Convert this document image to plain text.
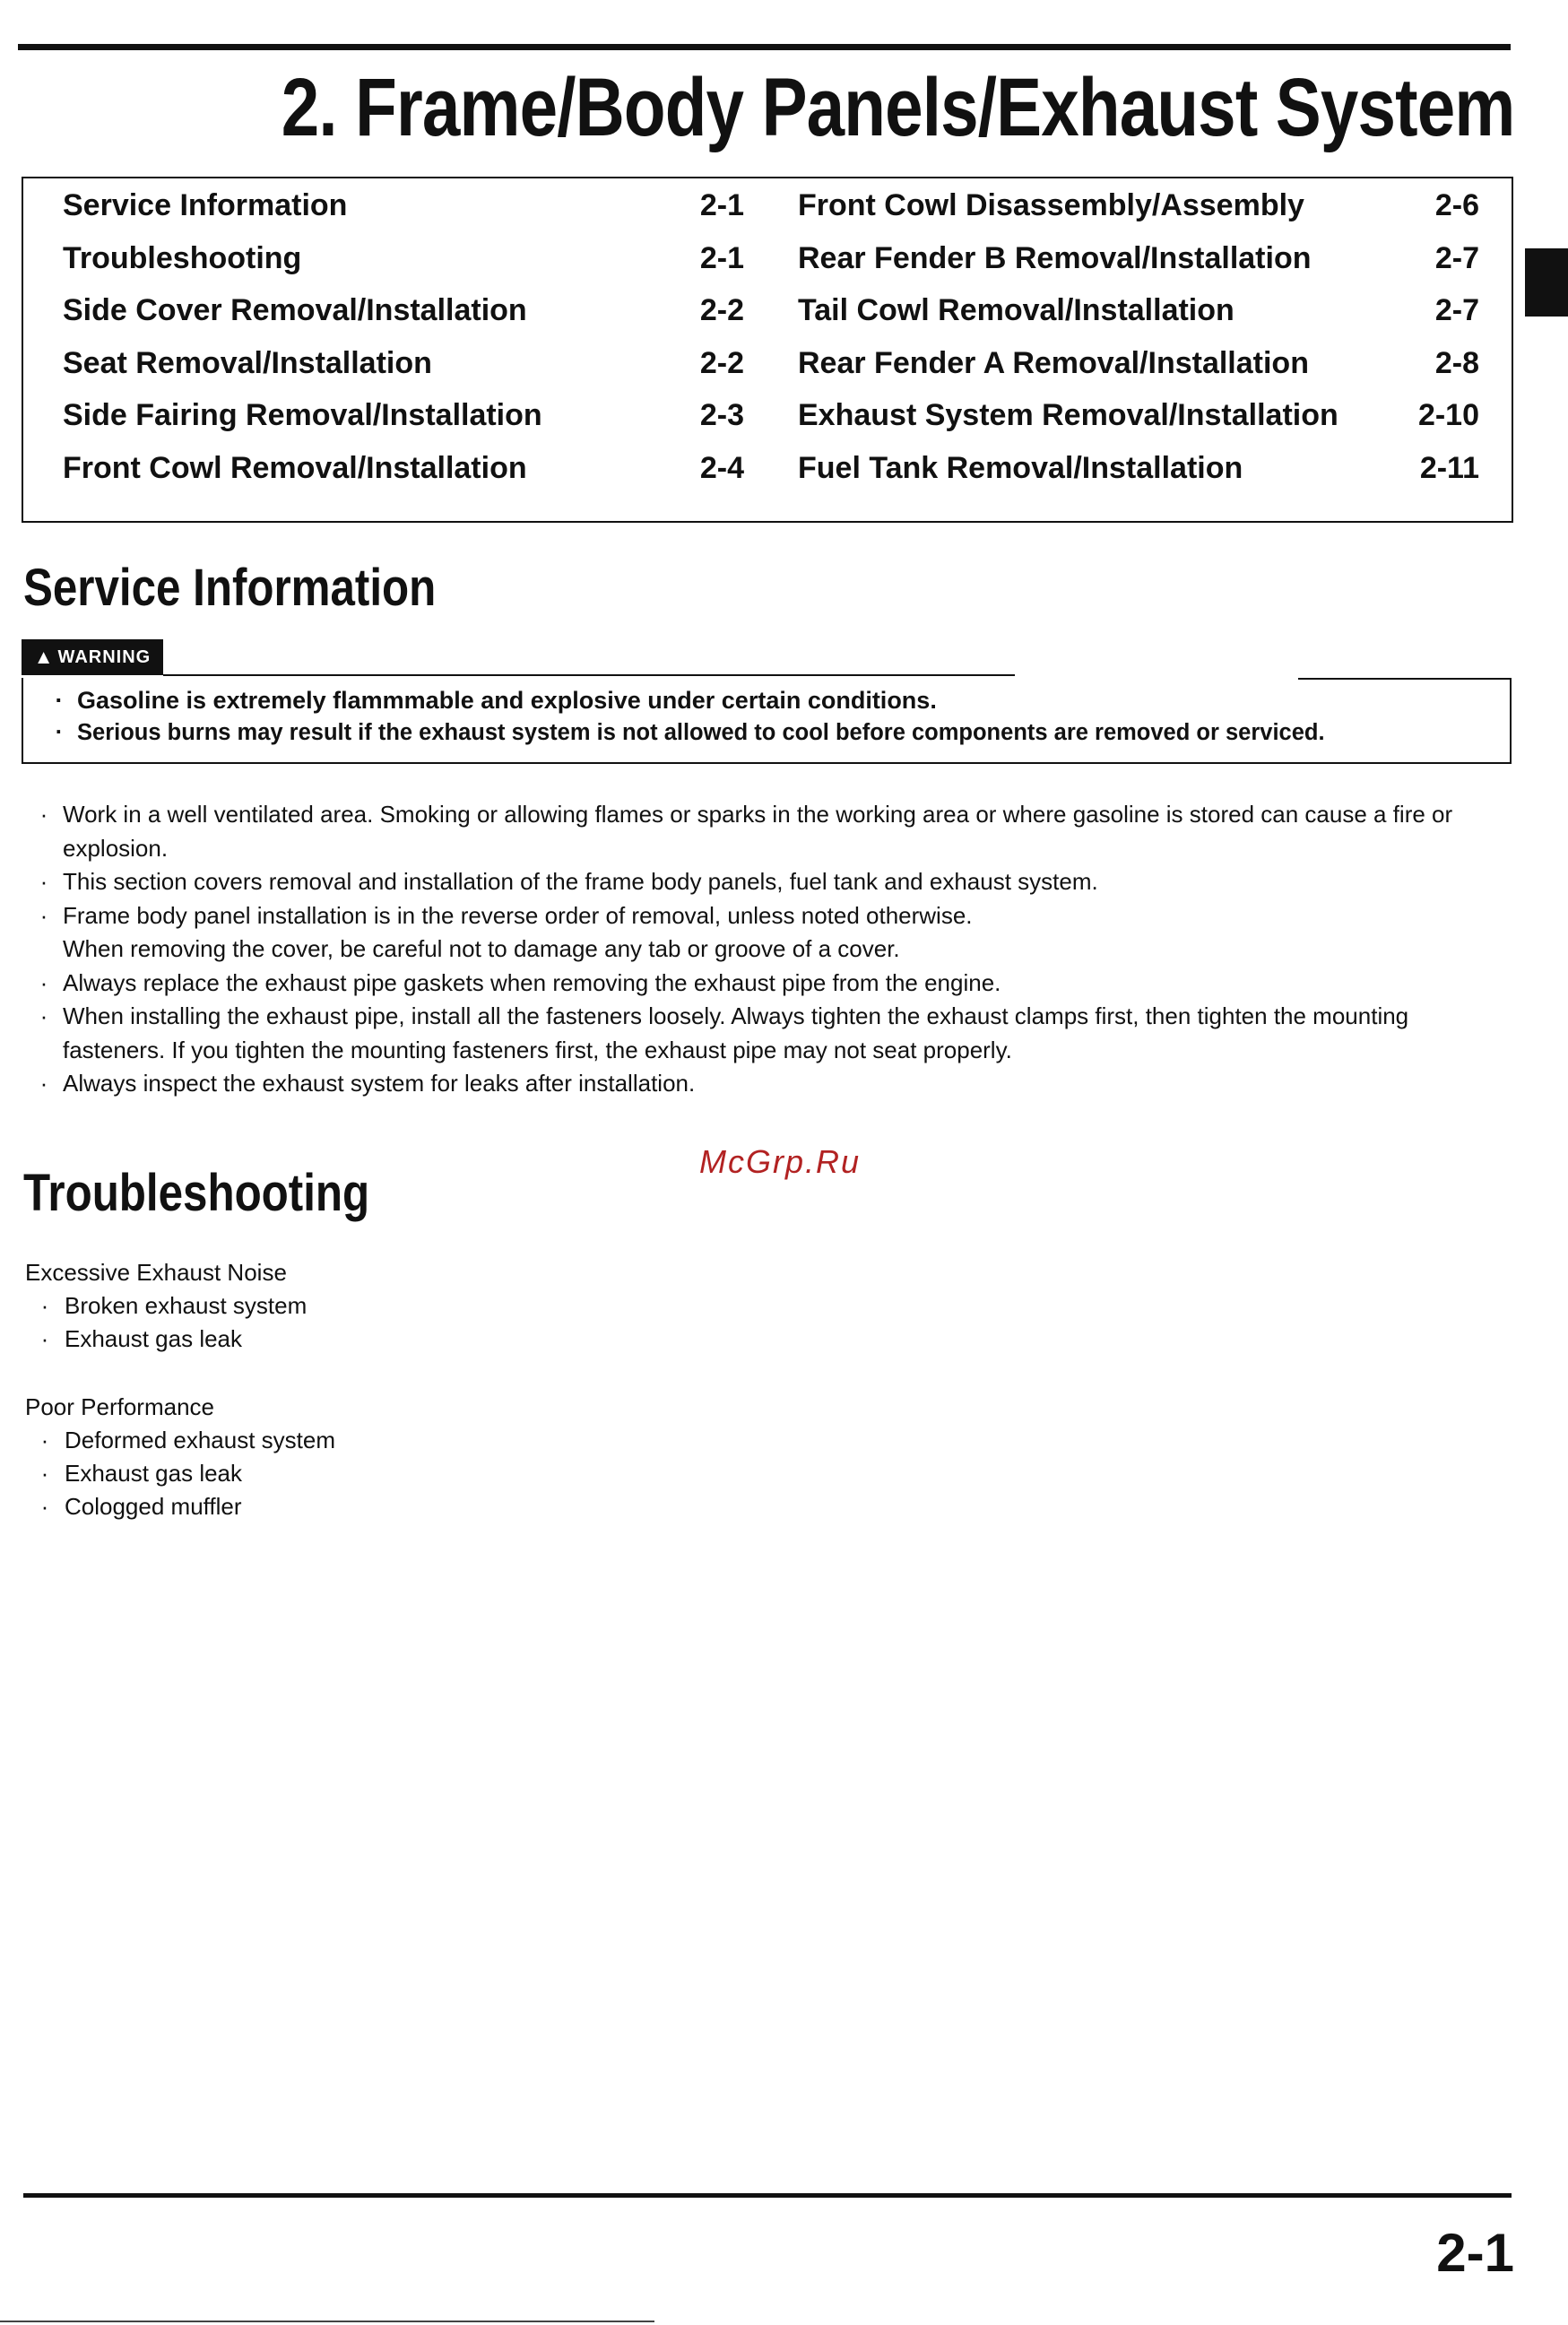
2. Frame/Body Panels/Exhaust System
Service Information	2-1
Troubleshooting	2-1
Side Cover Removal/Installation	2-2
Seat Removal/Installation	2-2
Side Fairing Removal/Installation	2-3
Front Cowl Removal/Installation	2-4
Front Cowl Disassembly/Assembly	2-6
Rear Fender B Removal/Installation	2-7
Tail Cowl Removal/Installation	2-7
Rear Fender A Removal/Installation	2-8
Exhaust System Removal/Installation	2-10
Fuel Tank Removal/Installation	2-11
Service Information
▲ WARNING
· Gasoline is extremely flammmable and explosive under certain conditions.
· Serious burns may result if the exhaust system is not allowed to cool before components are removed or serviced.
· Work in a well ventilated area. Smoking or allowing flames or sparks in the working area or where gasoline is stored can cause a fire or explosion.
· This section covers removal and installation of the frame body panels, fuel tank and exhaust system.
· Frame body panel installation is in the reverse order of removal, unless noted otherwise.
When removing the cover, be careful not to damage any tab or groove of a cover.
· Always replace the exhaust pipe gaskets when removing the exhaust pipe from the engine.
· When installing the exhaust pipe, install all the fasteners loosely. Always tighten the exhaust clamps first, then tighten the mounting fasteners. If you tighten the mounting fasteners first, the exhaust pipe may not seat properly.
· Always inspect the exhaust system for leaks after installation.
McGrp.Ru
Troubleshooting
Excessive Exhaust Noise
· Broken exhaust system
· Exhaust gas leak
Poor Performance
· Deformed exhaust system
· Exhaust gas leak
· Cologged muffler
2-1
